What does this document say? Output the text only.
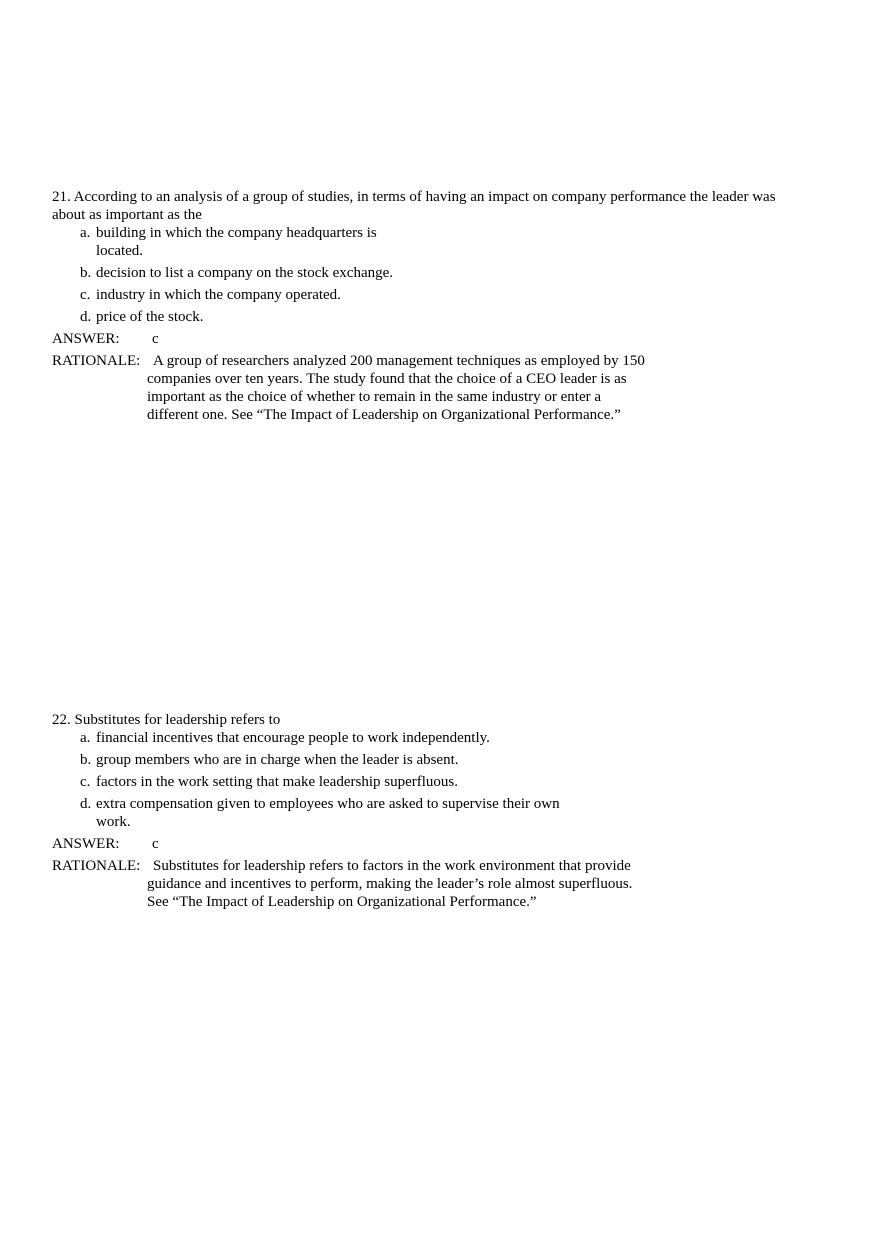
21. According to an analysis of a group of studies, in terms of having an impact on company performance the leader was
about as important as the

a. building in which the company headquarters is
located.
b. decision to list a company on the stock exchange.
c. industry in which the company operated.
d. price of the stock.
ANSWER: c
RATIONALE: A group of researchers analyzed 200 management techniques as employed by 150
companies over ten years. The study found that the choice of a CEO leader is as
important as the choice of whether to remain in the same industry or enter a
different one. See “The Impact of Leadership on Organizational Performance.”

22. Substitutes for leadership refers to

a. financial incentives that encourage people to work independently.
b. group members who are in charge when the leader is absent.
c. factors in the work setting that make leadership superfluous.
d. extra compensation given to employees who are asked to supervise their own
work.
ANSWER: c
RATIONALE: Substitutes for leadership refers to factors in the work environment that provide
guidance and incentives to perform, making the leader’s role almost superfluous.
See “The Impact of Leadership on Organizational Performance.”
